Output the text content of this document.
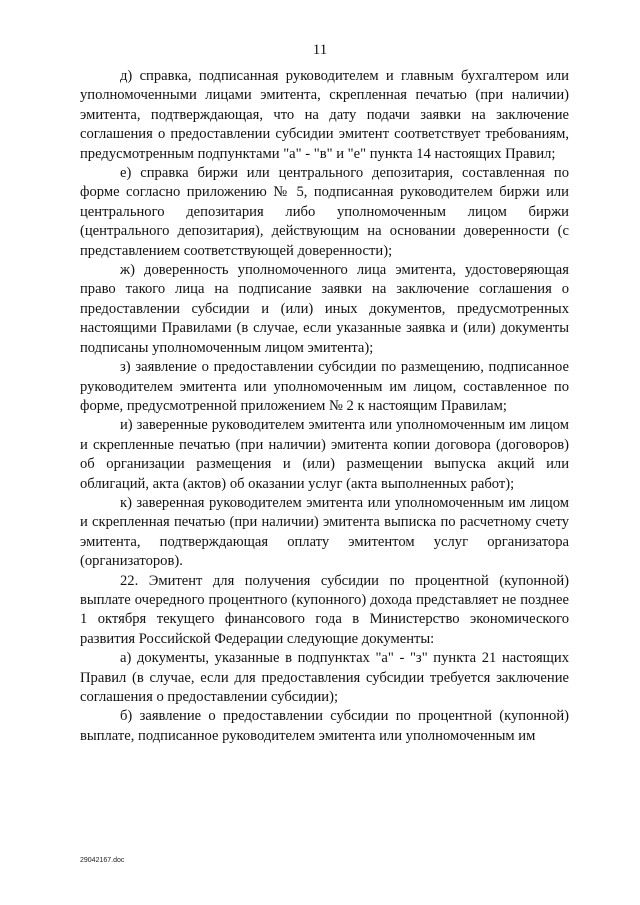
11

д) справка, подписанная руководителем и главным бухгалтером или уполномоченными лицами эмитента, скрепленная печатью (при наличии) эмитента, подтверждающая, что на дату подачи заявки на заключение соглашения о предоставлении субсидии эмитент соответствует требованиям, предусмотренным подпунктами "а" - "в" и "е" пункта 14 настоящих Правил;

е) справка биржи или центрального депозитария, составленная по форме согласно приложению № 5, подписанная руководителем биржи или центрального депозитария либо уполномоченным лицом биржи (центрального депозитария), действующим на основании доверенности (с представлением соответствующей доверенности);

ж) доверенность уполномоченного лица эмитента, удостоверяющая право такого лица на подписание заявки на заключение соглашения о предоставлении субсидии и (или) иных документов, предусмотренных настоящими Правилами (в случае, если указанные заявка и (или) документы подписаны уполномоченным лицом эмитента);

з) заявление о предоставлении субсидии по размещению, подписанное руководителем эмитента или уполномоченным им лицом, составленное по форме, предусмотренной приложением № 2 к настоящим Правилам;

и) заверенные руководителем эмитента или уполномоченным им лицом и скрепленные печатью (при наличии) эмитента копии договора (договоров) об организации размещения и (или) размещении выпуска акций или облигаций, акта (актов) об оказании услуг (акта выполненных работ);

к) заверенная руководителем эмитента или уполномоченным им лицом и скрепленная печатью (при наличии) эмитента выписка по расчетному счету эмитента, подтверждающая оплату эмитентом услуг организатора (организаторов).

22. Эмитент для получения субсидии по процентной (купонной) выплате очередного процентного (купонного) дохода представляет не позднее 1 октября текущего финансового года в Министерство экономического развития Российской Федерации следующие документы:

а) документы, указанные в подпунктах "а" - "з" пункта 21 настоящих Правил (в случае, если для предоставления субсидии требуется заключение соглашения о предоставлении субсидии);

б) заявление о предоставлении субсидии по процентной (купонной) выплате, подписанное руководителем эмитента или уполномоченным им

29042167.doc
